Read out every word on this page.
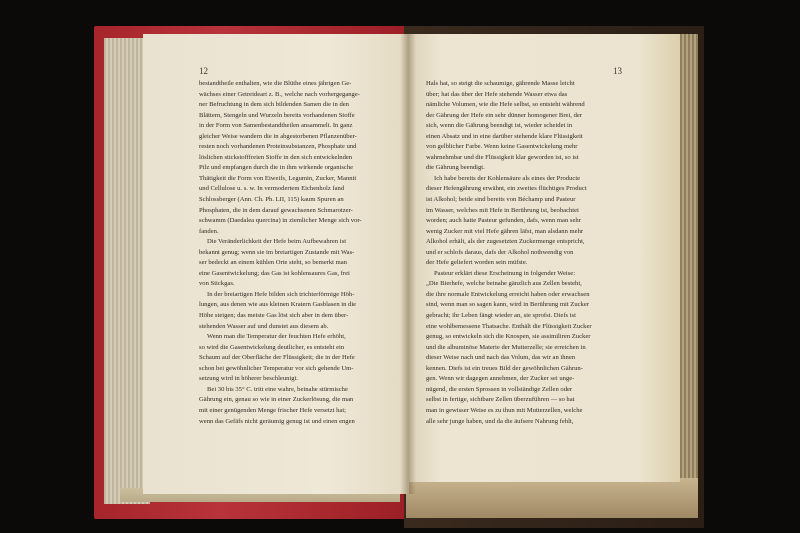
12
bestandtheile enthalten, wie die Blüthe eines jährigen Ge-
wächses einer Getreideart z. B., welche nach vorhergegange-
ner Befruchtung in dem sich bildenden Samen die in den
Blättern, Stengeln und Wurzeln bereits vorhandenen Stoffe
in der Form von Samenbestandtheilen ansammelt. In ganz
gleicher Weise wandern die in abgestorbenen Pflanzenüber-
resten noch vorhandenen Proteinsubstanzen, Phosphate und
löslichen stickstofffreien Stoffe in den sich entwickelnden
Pilz und empfangen durch die in ihm wirkende organische
Thätigkeit die Form von Eiweifs, Legumin, Zucker, Mannit
und Cellulose u. s. w. In vermodertem Eichenholz fand
Schlossberger (Ann. Ch. Ph. LII, 115) kaum Spuren an
Phosphaten, die in dem darauf gewachsenen Schmarotzer-
schwamm (Daedalea quercina) in ziemlicher Menge sich vor-
fanden.
Die Veränderlichkeit der Hefe beim Aufbewahren ist
bekannt genug; wenn sie im breiartigen Zustande mit Was-
ser bedeckt an einem kühlen Orte steht, so bemerkt man
eine Gasentwickelung; das Gas ist kohlensaures Gas, frei
von Stickgas.
In der breiartigen Hefe bilden sich trichterförmige Höh-
lungen, aus denen wie aus kleinen Kratern Gasblasen in die
Höhe steigen; das meiste Gas löst sich aber in dem über-
stehenden Wasser auf und dunstet aus diesem ab.
Wenn man die Temperatur der feuchten Hefe erhöht,
so wird die Gasentwickelung deutlicher, es entsteht ein
Schaum auf der Oberfläche der Flüssigkeit; die in der Hefe
schon bei gewöhnlicher Temperatur vor sich gehende Um-
setzung wird in höherer beschleunigt.
Bei 30 bis 35° C. tritt eine wahre, beinahe stürmische
Gährung ein, genau so wie in einer Zuckerlösung, die man
mit einer genügenden Menge frischer Hefe versetzt hat;
wenn das Gefäfs nicht geräumig genug ist und einen engen
13
Hals hat, so steigt die schaumige, gährende Masse leicht
über; hat das über der Hefe stehende Wasser etwa das
nämliche Volumen, wie die Hefe selbst, so entsteht während
der Gährung der Hefe ein sehr dünner homogener Brei, der
sich, wenn die Gährung beendigt ist, wieder scheidet in
einen Absatz und in eine darüber stehende klare Flüssigkeit
von gelblicher Farbe. Wenn keine Gasentwickelung mehr
wahrnehmbar und die Flüssigkeit klar geworden ist, so ist
die Gährung beendigt.
Ich habe bereits der Kohlensäure als eines der Producte
dieser Hefengährung erwähnt, ein zweites flüchtiges Product
ist Alkohol; beide sind bereits von Béchamp und Pasteur
im Wasser, welches mit Hefe in Berührung ist, beobachtet
worden; auch hatte Pasteur gefunden, dafs, wenn man sehr
wenig Zucker mit viel Hefe gähren läfst, man alsdann mehr
Alkohol erhält, als der zugesetzten Zuckermenge entspricht,
und er schlofs daraus, dafs der Alkohol nothwendig von
der Hefe geliefert worden sein müfste.
Pasteur erklärt diese Erscheinung in folgender Weise:
„Die Bierhefe, welche beinahe gänzlich aus Zellen besteht,
die ihre normale Entwickelung erreicht haben oder erwachsen
sind, wenn man so sagen kann, wird in Berührung mit Zucker
gebracht; ihr Leben fängt wieder an, sie sprofst. Diefs ist
eine wohlbemessene Thatsache. Enthält die Flüssigkeit Zucker
genug, so entwickeln sich die Knospen, sie assimiliren Zucker
und die albuminöse Materie der Mutterzelle; sie erreichen in
dieser Weise nach und nach das Volum, das wir an ihnen
kennen. Diefs ist ein treues Bild der gewöhnlichen Gährun-
gen. Wenn wir dagegen annehmen, der Zucker sei unge-
nügend, die ersten Sprossen in vollständige Zellen oder
selbst in fertige, sichtbare Zellen überzuführen — so hat
man in gewisser Weise es zu thun mit Mutterzellen, welche
alle sehr junge haben, und da die äufsere Nahrung fehlt,
